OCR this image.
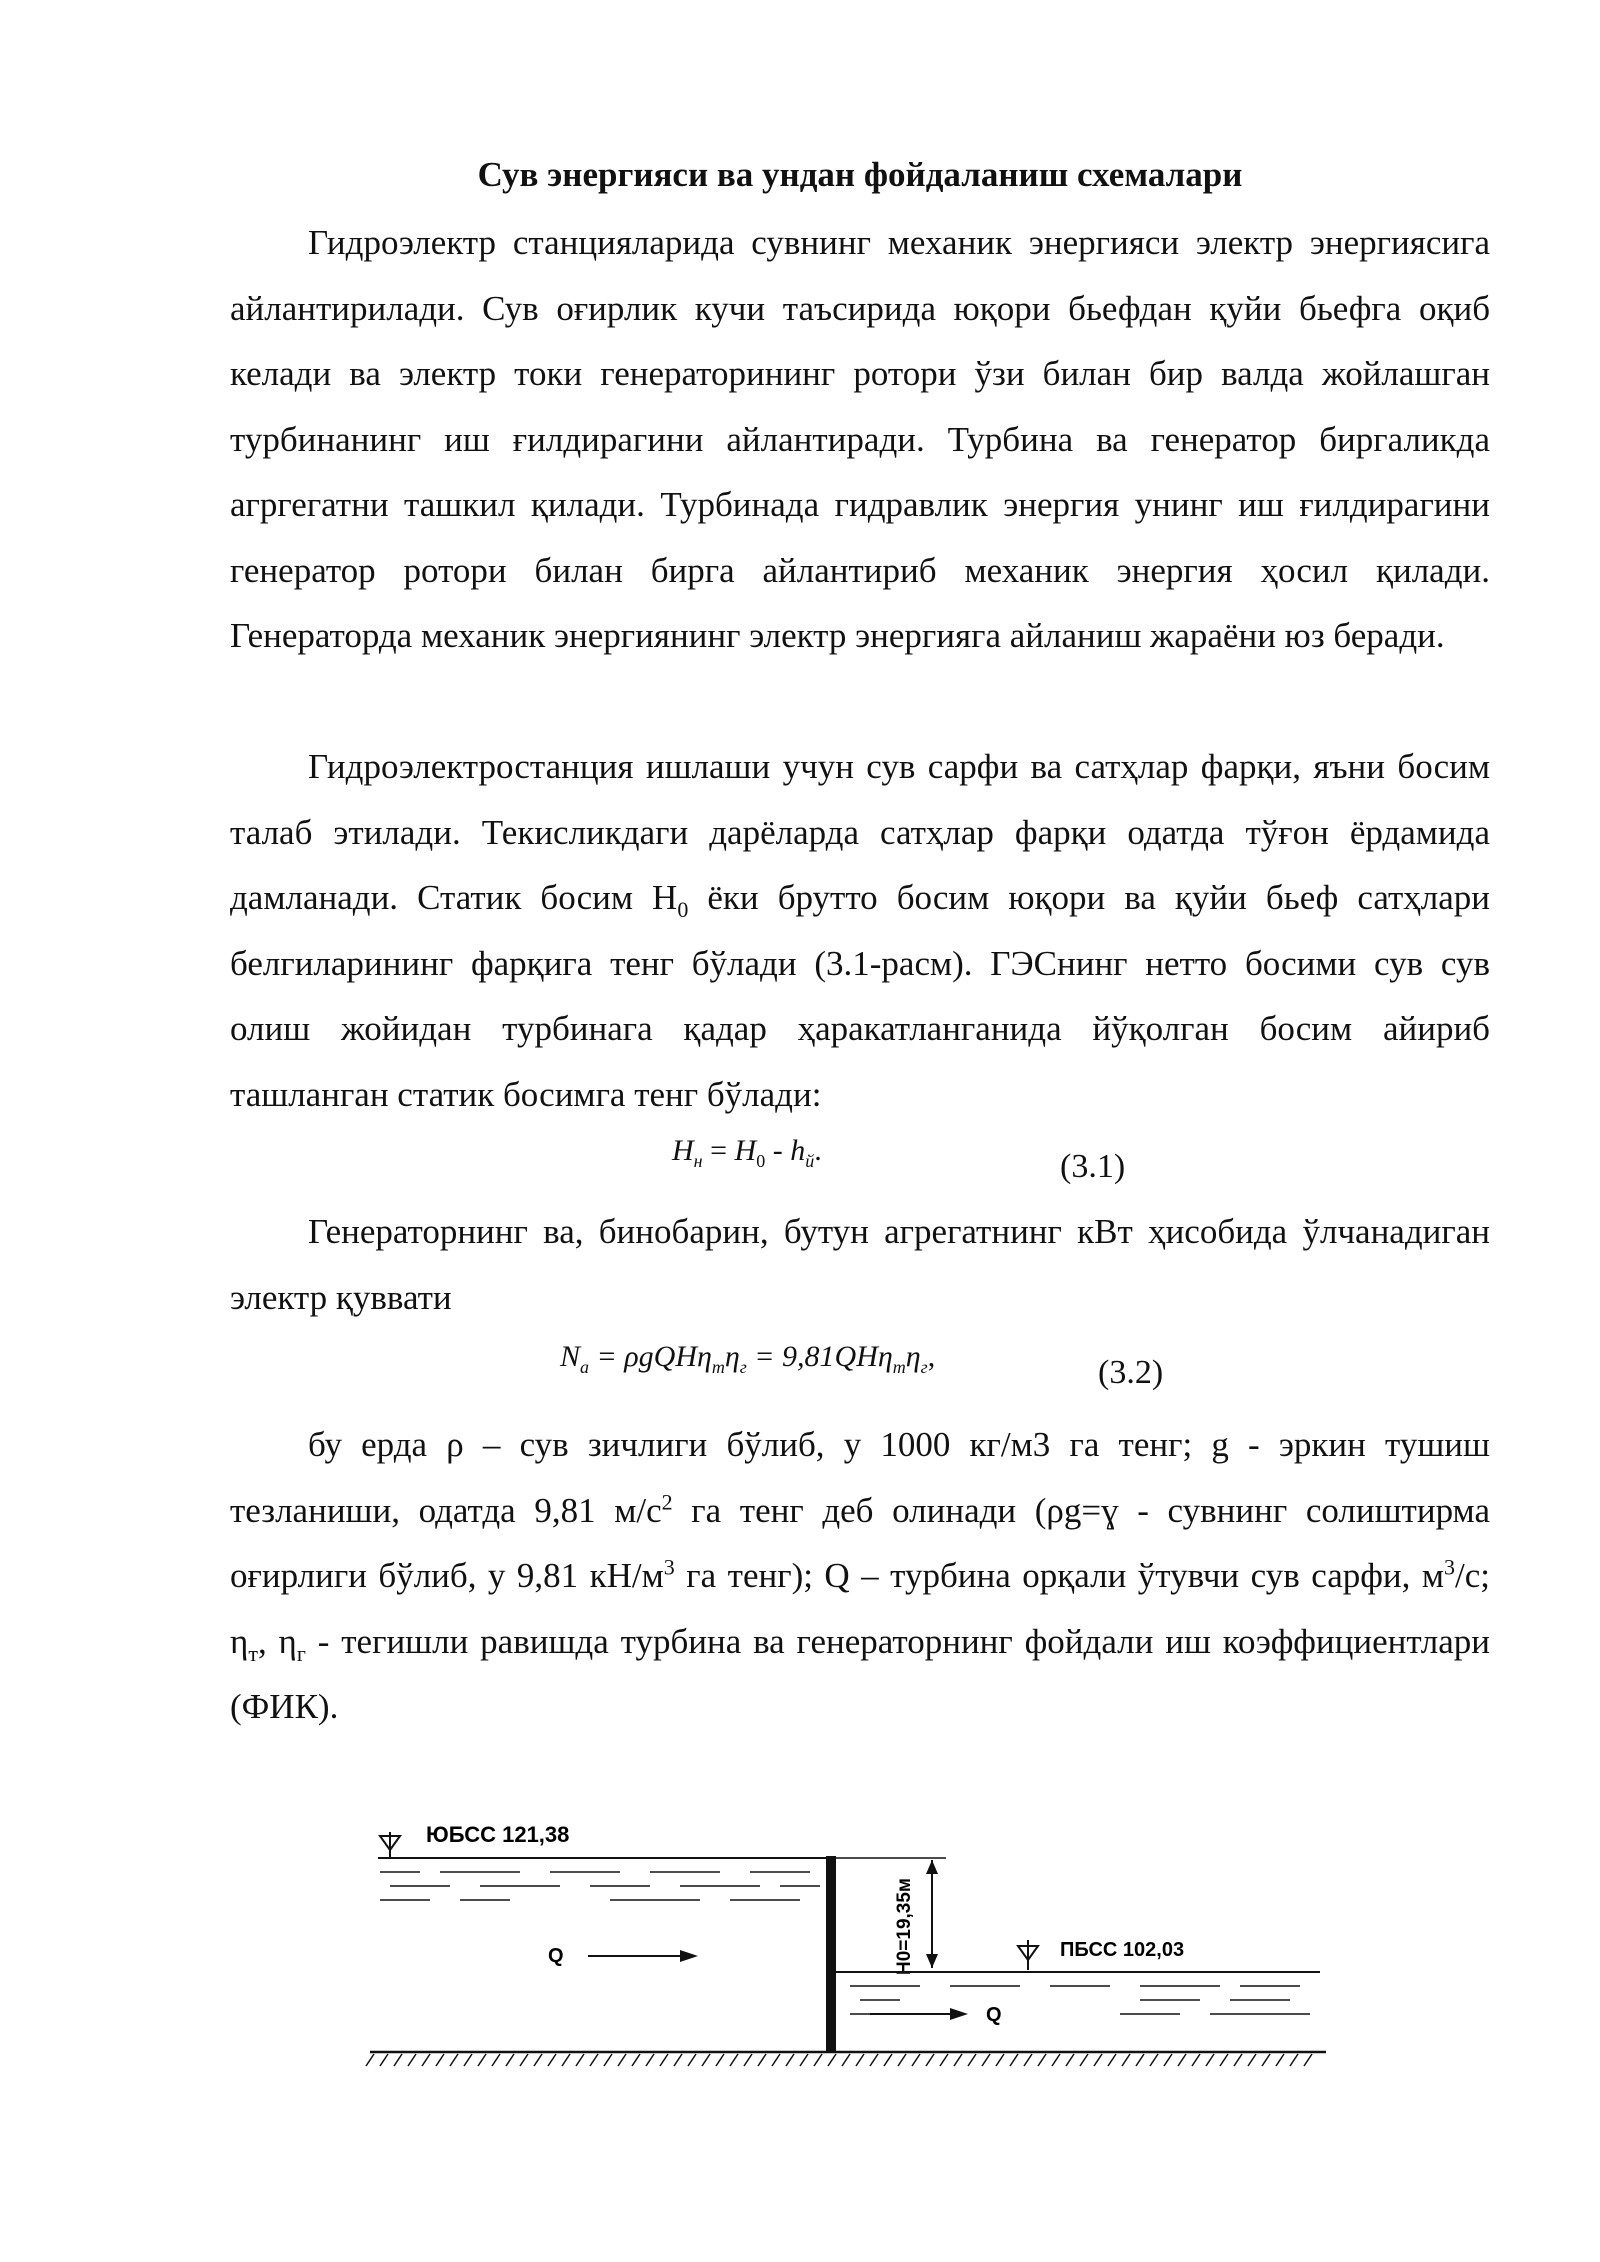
Сув энергияси ва ундан фойдаланиш схемалари

Гидроэлектр станцияларида сувнинг механик энергияси электр энергиясига айлантирилади. Сув оғирлик кучи таъсирида юқори бьефдан қуйи бьефга оқиб келади ва электр токи генераторининг ротори ўзи билан бир валда жойлашган турбинанинг иш ғилдирагини айлантиради. Турбина ва генератор биргаликда агргегатни ташкил қилади. Турбинада гидравлик энергия унинг иш ғилдирагини генератор ротори билан бирга айлантириб механик энергия ҳосил қилади. Генераторда механик энергиянинг электр энергияга айланиш жараёни юз беради.

Гидроэлектростанция ишлаши учун сув сарфи ва сатҳлар фарқи, яъни босим талаб этилади. Текисликдаги дарёларда сатҳлар фарқи одатда тўғон ёрдамида дамланади. Статик босим $Н_0$ ёки брутто босим юқори ва қуйи бьеф сатҳлари белгиларининг фарқига тенг бўлади (3.1-расм). ГЭСнинг нетто босими сув сув олиш жойидан турбинага қадар ҳаракатланганида йўқолган босим айириб ташланган статик босимга тенг бўлади:

$H_н = H_0 - h_й$.	(3.1)

Генераторнинг ва, бинобарин, бутун агрегатнинг кВт ҳисобида ўлчанадиган электр қуввати

$N_а = \rho gQH\eta_т\eta_г = 9,81QH\eta_т\eta_г$,	(3.2)

бу ерда ρ – сув зичлиги бўлиб, у 1000 кг/м3 га тенг; g - эркин тушиш тезланиши, одатда 9,81 $м/с^2$ га тенг деб олинади (ρg=ɣ - сувнинг солиштирма оғирлиги бўлиб, у 9,81 $кН/м^3$ га тенг); Q – турбина орқали ўтувчи сув сарфи, $м^3/с$; $\eta_т$, $\eta_г$ - тегишли равишда турбина ва генераторнинг фойдали иш коэффициентлари (ФИК).

ЮБСС 121,38
Q	H0=19,35м	ПБСС 102,03
Q
